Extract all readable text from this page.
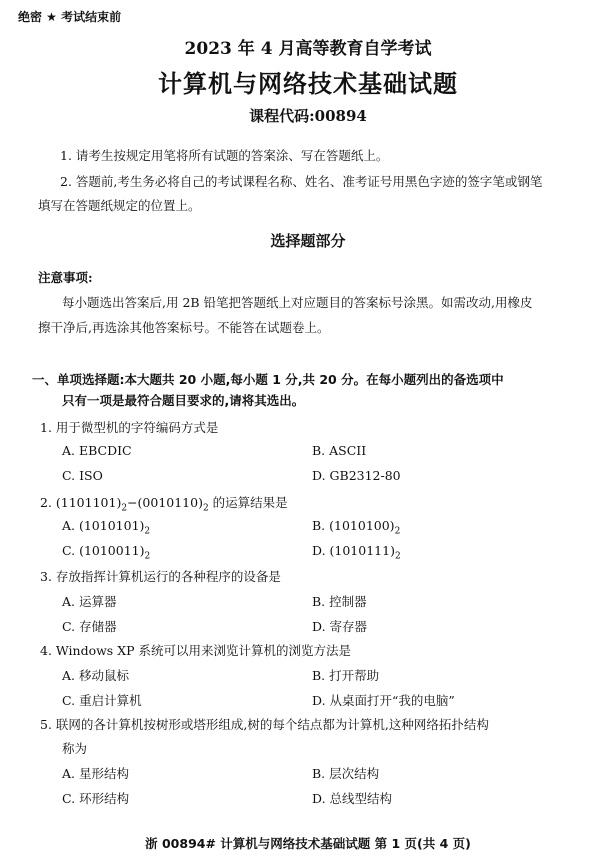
绝密 ★ 考试结束前
2023 年 4 月高等教育自学考试
计算机与网络技术基础试题
课程代码:00894
1. 请考生按规定用笔将所有试题的答案涂、写在答题纸上。
2. 答题前,考生务必将自己的考试课程名称、姓名、准考证号用黑色字迹的签字笔或钢笔
填写在答题纸规定的位置上。
选择题部分
注意事项:
每小题选出答案后,用 2B 铅笔把答题纸上对应题目的答案标号涂黑。如需改动,用橡皮
擦干净后,再选涂其他答案标号。不能答在试题卷上。
一、单项选择题:本大题共 20 小题,每小题 1 分,共 20 分。在每小题列出的备选项中
只有一项是最符合题目要求的,请将其选出。
1. 用于微型机的字符编码方式是
A. EBCDIC	B. ASCII
C. ISO	D. GB2312-80
2. $(1101101)_2-(0010110)_2$ 的运算结果是
A. $(1010101)_2$	B. $(1010100)_2$
C. $(1010011)_2$	D. $(1010111)_2$
3. 存放指挥计算机运行的各种程序的设备是
A. 运算器	B. 控制器
C. 存储器	D. 寄存器
4. Windows XP 系统可以用来浏览计算机的浏览方法是
A. 移动鼠标	B. 打开帮助
C. 重启计算机	D. 从桌面打开“我的电脑”
5. 联网的各计算机按树形或塔形组成,树的每个结点都为计算机,这种网络拓扑结构
称为
A. 星形结构	B. 层次结构
C. 环形结构	D. 总线型结构
浙 00894# 计算机与网络技术基础试题 第 1 页(共 4 页)
